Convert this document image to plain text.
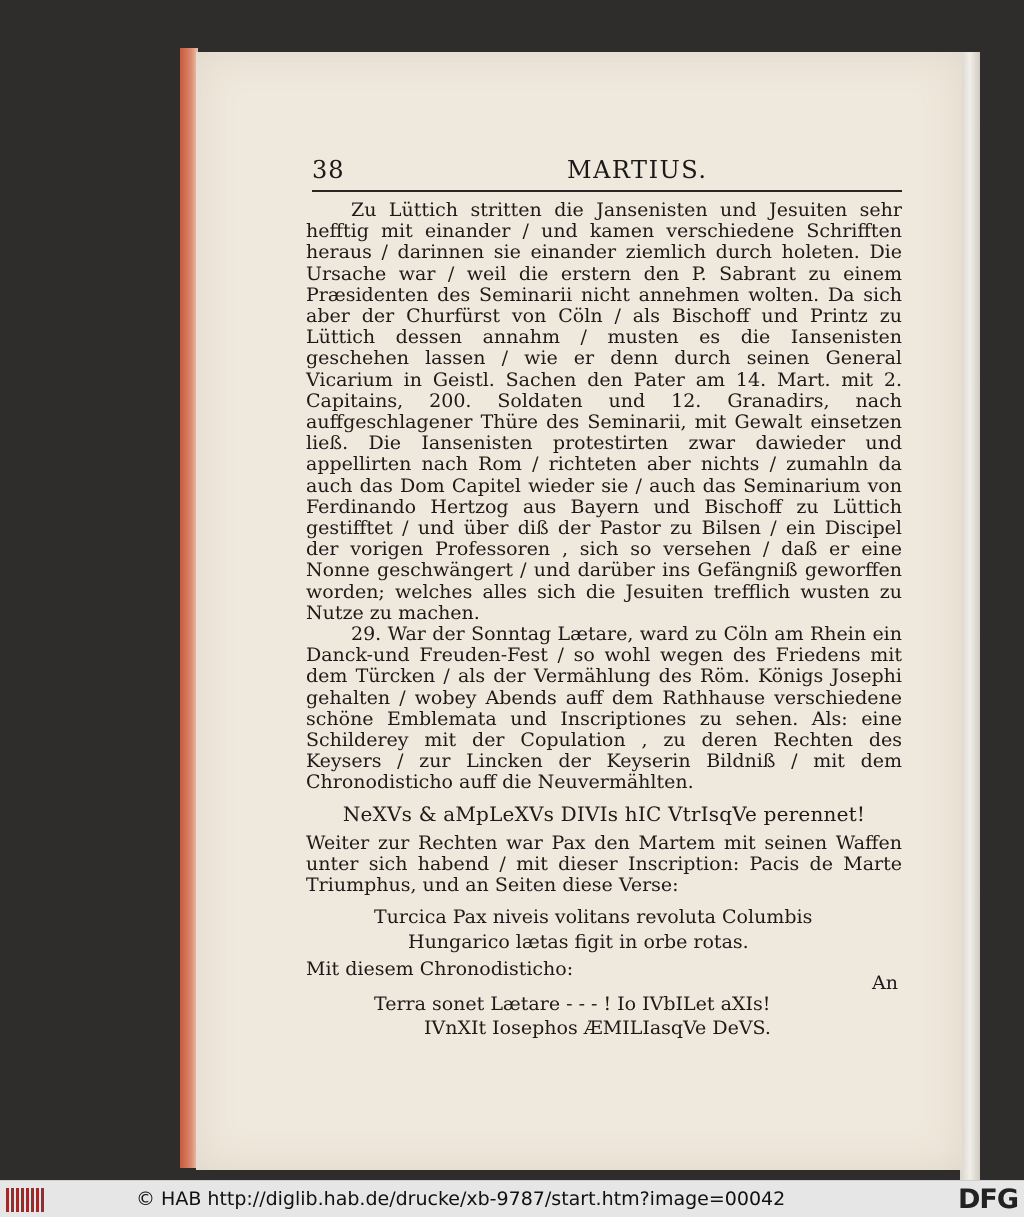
38	MARTIUS.

Zu Lüttich stritten die Jansenisten und Jesuiten sehr hefftig mit einander / und kamen verschiedene Schrifften heraus / darinnen sie einander ziemlich durch holeten. Die Ursache war / weil die erstern den P. Sabrant zu einem Præsidenten des Seminarii nicht annehmen wolten. Da sich aber der Churfürst von Cöln / als Bischoff und Printz zu Lüttich dessen annahm / musten es die Iansenisten geschehen lassen / wie er denn durch seinen General Vicarium in Geistl. Sachen den Pater am 14. Mart. mit 2. Capitains, 200. Soldaten und 12. Granadirs, nach auffgeschlagener Thüre des Seminarii, mit Gewalt einsetzen ließ. Die Iansenisten protestirten zwar dawieder und appellirten nach Rom / richteten aber nichts / zumahln da auch das Dom Capitel wieder sie / auch das Seminarium von Ferdinando Hertzog aus Bayern und Bischoff zu Lüttich gestifftet / und über diß der Pastor zu Bilsen / ein Discipel der vorigen Professoren , sich so versehen / daß er eine Nonne geschwängert / und darüber ins Gefängniß geworffen worden; welches alles sich die Jesuiten trefflich wusten zu Nutze zu machen.

29. War der Sonntag Lætare, ward zu Cöln am Rhein ein Danck-und Freuden-Fest / so wohl wegen des Friedens mit dem Türcken / als der Vermählung des Röm. Königs Josephi gehalten / wobey Abends auff dem Rathhause verschiedene schöne Emblemata und Inscriptiones zu sehen. Als: eine Schilderey mit der Copulation , zu deren Rechten des Keysers / zur Lincken der Keyserin Bildniß / mit dem Chronodisticho auff die Neuvermählten.

NeXVs & aMpLeXVs DIVIs hIC VtrIsqVe perennet!

Weiter zur Rechten war Pax den Martem mit seinen Waffen unter sich habend / mit dieser Inscription: Pacis de Marte Triumphus, und an Seiten diese Verse:

Turcica Pax niveis volitans revoluta Columbis
Hungarico lætas figit in orbe rotas.

Mit diesem Chronodisticho:

Terra sonet Lætare - - - ! Io IVbILet aXIs!
IVnXIt Iosephos ÆMILIasqVe DeVS.
An
© HAB http://diglib.hab.de/drucke/xb-9787/start.htm?image=00042	DFG
